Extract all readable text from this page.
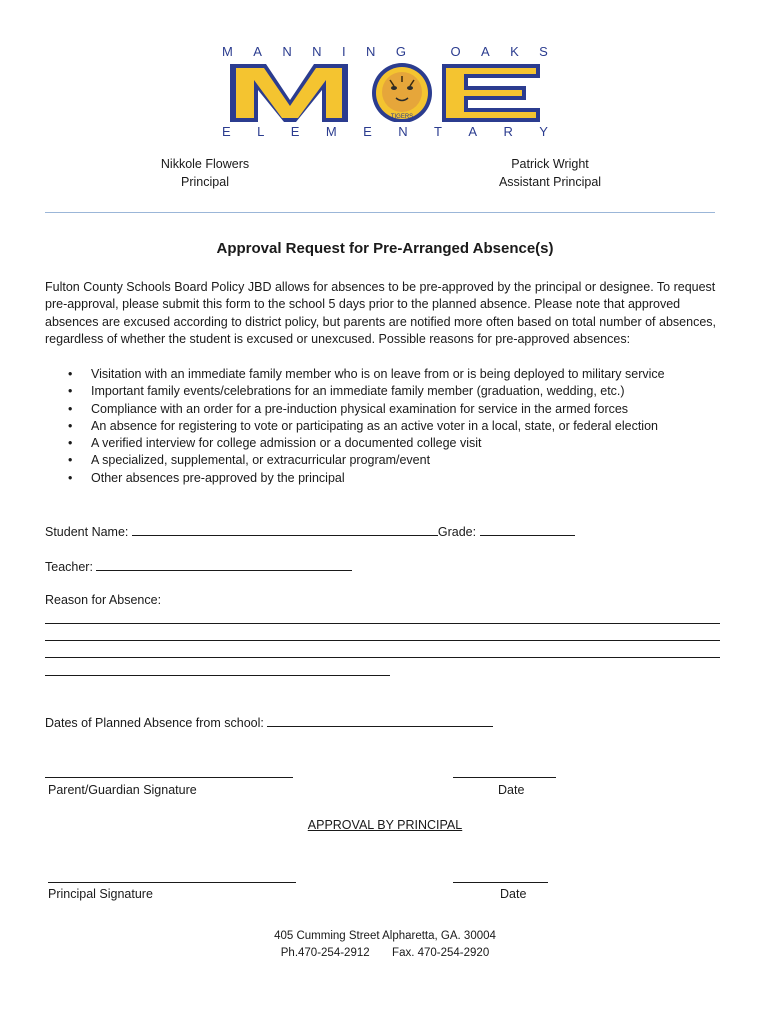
M A N N I N G
	O A K S
TIGERS
E L E M E N T A R Y
Nikkole Flowers
Principal
Patrick Wright
Assistant Principal
Approval Request for Pre-Arranged Absence(s)
Fulton County Schools Board Policy JBD allows for absences to be pre-approved by the principal or designee. To request pre-approval, please submit this form to the school 5 days prior to the planned absence. Please note that approved absences are excused according to district policy, but parents are notified more often based on total number of absences, regardless of whether the student is excused or unexcused. Possible reasons for pre-approved absences:
• Visitation with an immediate family member who is on leave from or is being deployed to military service
• Important family events/celebrations for an immediate family member (graduation, wedding, etc.)
• Compliance with an order for a pre-induction physical examination for service in the armed forces
• An absence for registering to vote or participating as an active voter in a local, state, or federal election
• A verified interview for college admission or a documented college visit
• A specialized, supplemental, or extracurricular program/event
• Other absences pre-approved by the principal
Student Name:	Grade:
Teacher:
Reason for Absence:
Dates of Planned Absence from school:
Parent/Guardian Signature	Date
APPROVAL BY PRINCIPAL
Principal Signature	Date
405 Cumming Street Alpharetta, GA. 30004
Ph.470-254-2912 Fax. 470-254-2920
